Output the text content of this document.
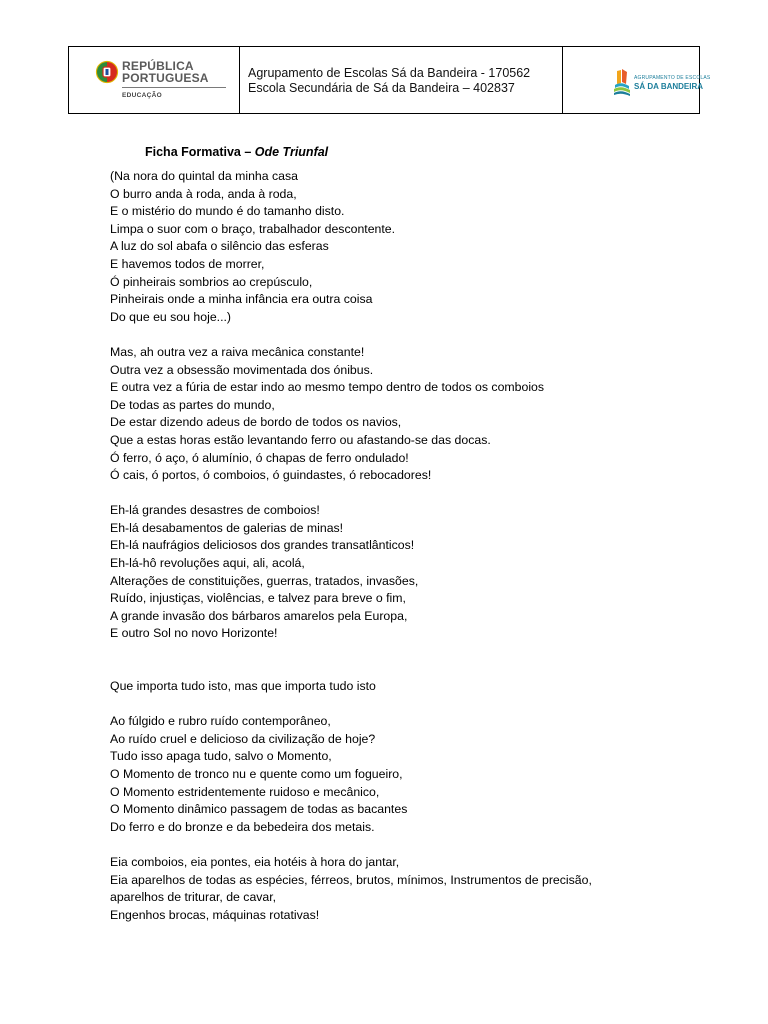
REPÚBLICA
PORTUGUESA
EDUCAÇÃO
Agrupamento de Escolas Sá da Bandeira - 170562
Escola Secundária de Sá da Bandeira – 402837
AGRUPAMENTO DE ESCOLAS
SÁ DA BANDEIRA
Ficha Formativa – Ode Triunfal
(Na nora do quintal da minha casa
O burro anda à roda, anda à roda,
E o mistério do mundo é do tamanho disto.
Limpa o suor com o braço, trabalhador descontente.
A luz do sol abafa o silêncio das esferas
E havemos todos de morrer,
Ó pinheirais sombrios ao crepúsculo,
Pinheirais onde a minha infância era outra coisa
Do que eu sou hoje...)
Mas, ah outra vez a raiva mecânica constante!
Outra vez a obsessão movimentada dos ónibus.
E outra vez a fúria de estar indo ao mesmo tempo dentro de todos os comboios
De todas as partes do mundo,
De estar dizendo adeus de bordo de todos os navios,
Que a estas horas estão levantando ferro ou afastando-se das docas.
Ó ferro, ó aço, ó alumínio, ó chapas de ferro ondulado!
Ó cais, ó portos, ó comboios, ó guindastes, ó rebocadores!
Eh-lá grandes desastres de comboios!
Eh-lá desabamentos de galerias de minas!
Eh-lá naufrágios deliciosos dos grandes transatlânticos!
Eh-lá-hô revoluções aqui, ali, acolá,
Alterações de constituições, guerras, tratados, invasões,
Ruído, injustiças, violências, e talvez para breve o fim,
A grande invasão dos bárbaros amarelos pela Europa,
E outro Sol no novo Horizonte!
Que importa tudo isto, mas que importa tudo isto
Ao fúlgido e rubro ruído contemporâneo,
Ao ruído cruel e delicioso da civilização de hoje?
Tudo isso apaga tudo, salvo o Momento,
O Momento de tronco nu e quente como um fogueiro,
O Momento estridentemente ruidoso e mecânico,
O Momento dinâmico passagem de todas as bacantes
Do ferro e do bronze e da bebedeira dos metais.
Eia comboios, eia pontes, eia hotéis à hora do jantar,
Eia aparelhos de todas as espécies, férreos, brutos, mínimos, Instrumentos de precisão,
aparelhos de triturar, de cavar,
Engenhos brocas, máquinas rotativas!
